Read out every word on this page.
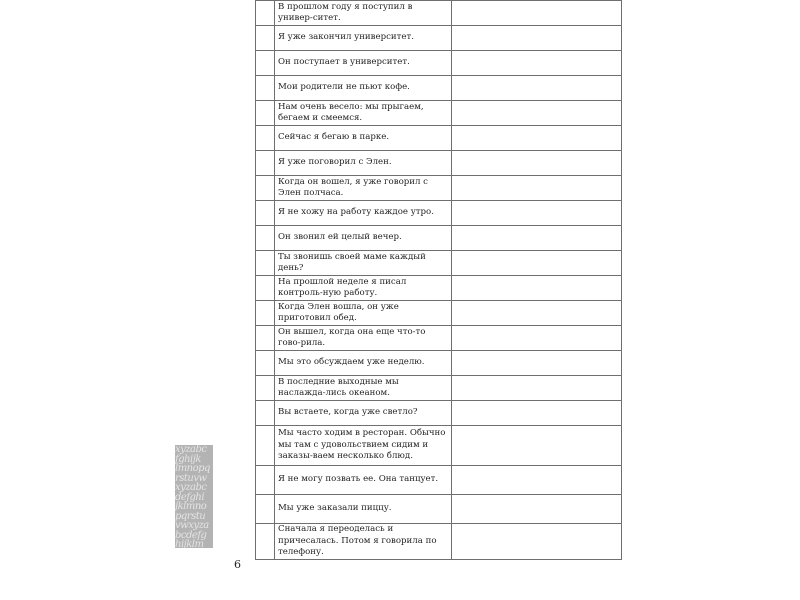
	В прошлом году я поступил в универ-ситет.	
	Я уже закончил университет.	
	Он поступает в университет.	
	Мои родители не пьют кофе.	
	Нам очень весело: мы прыгаем, бегаем и смеемся.	
	Сейчас я бегаю в парке.	
	Я уже поговорил с Элен.	
	Когда он вошел, я уже говорил с Элен полчаса.	
	Я не хожу на работу каждое утро.	
	Он звонил ей целый вечер.	
	Ты звонишь своей маме каждый день?	
	На прошлой неделе я писал контроль-ную работу.	
	Когда Элен вошла, он уже приготовил обед.	
	Он вышел, когда она еще что-то гово-рила.	
	Мы это обсуждаем уже неделю.	
	В последние выходные мы наслажда-лись океаном.	
	Вы встаете, когда уже светло?	
	Мы часто ходим в ресторан. Обычно мы там с удовольствием сидим и заказы-ваем несколько блюд.	
	Я не могу позвать ее. Она танцует.	
	Мы уже заказали пиццу.	
	Сначала я переоделась и причесалась. Потом я говорила по телефону.	
xyzabc
fghijk
lmnopq
rstuvw
xyzabc
defghi
jklmno
pqrstu
vwxyza
bcdefg
hijklm
6
